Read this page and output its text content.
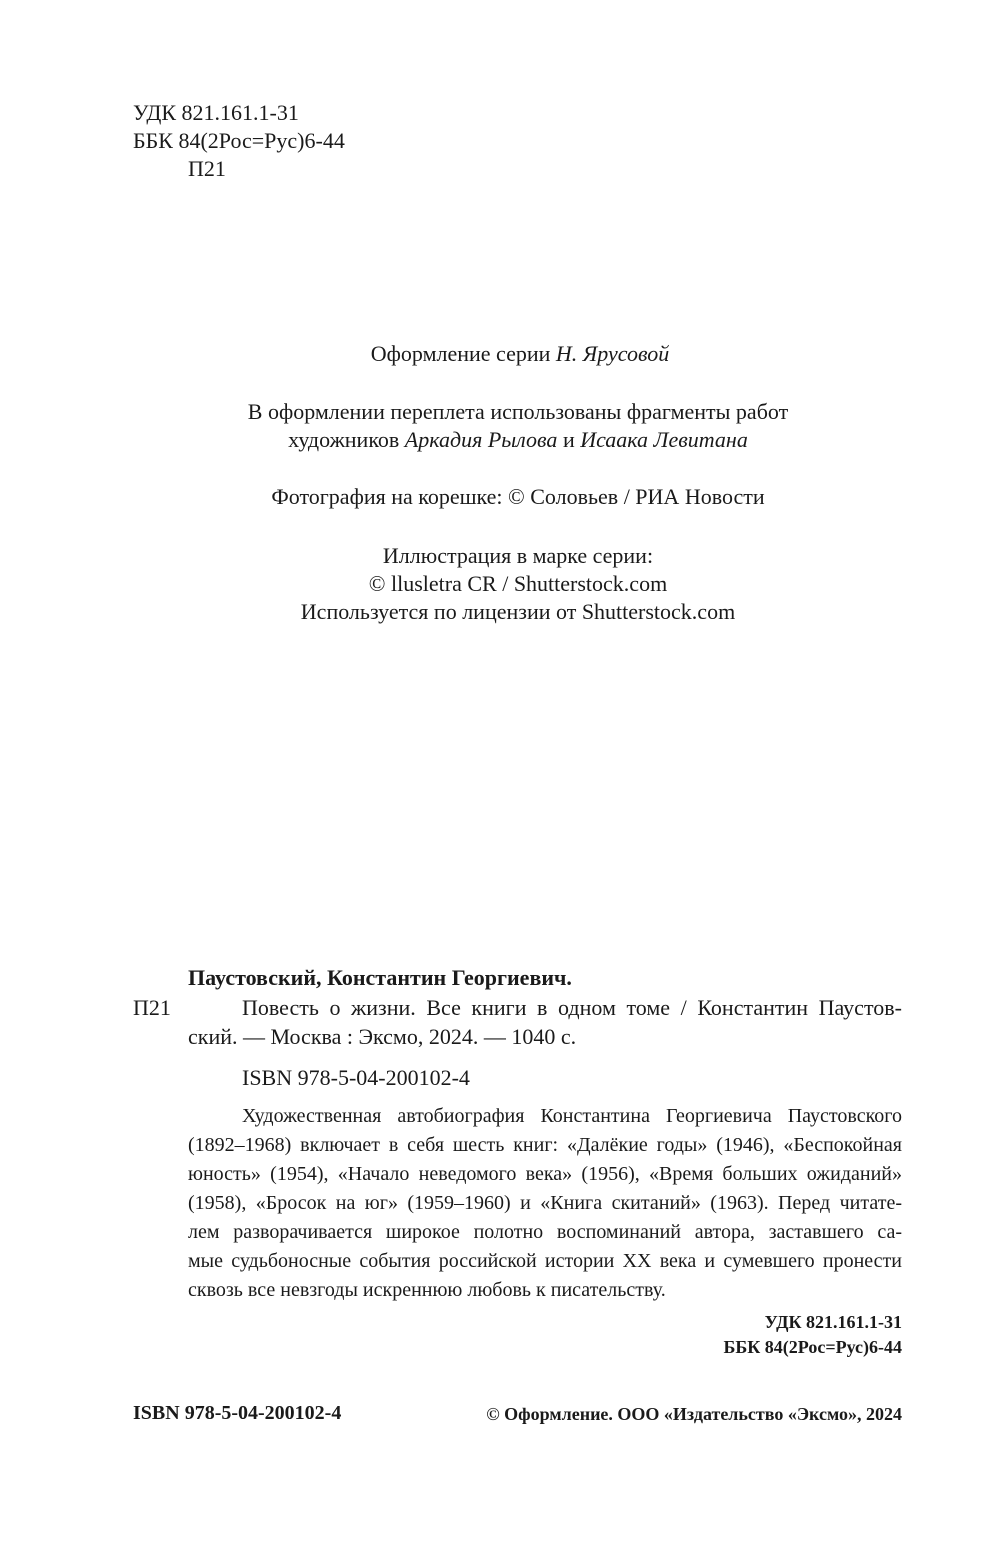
УДК 821.161.1-31
ББК 84(2Рос=Рус)6-44
П21
Оформление серии Н. Ярусовой
В оформлении переплета использованы фрагменты работ
художников Аркадия Рылова и Исаака Левитана
Фотография на корешке: © Соловьев / РИА Новости
Иллюстрация в марке серии:
© llusletra CR / Shutterstock.com
Используется по лицензии от Shutterstock.com
Паустовский, Константин Георгиевич.
П21	Повесть о жизни. Все книги в одном томе / Константин Паустов-
ский. — Москва : Эксмо, 2024. — 1040 с.
ISBN 978-5-04-200102-4
Художественная автобиография Константина Георгиевича Паустовского
(1892–1968) включает в себя шесть книг: «Далёкие годы» (1946), «Беспокойная
юность» (1954), «Начало неведомого века» (1956), «Время больших ожиданий»
(1958), «Бросок на юг» (1959–1960) и «Книга скитаний» (1963). Перед читате-
лем разворачивается широкое полотно воспоминаний автора, заставшего са-
мые судьбоносные события российской истории XX века и сумевшего пронести
сквозь все невзгоды искреннюю любовь к писательству.
УДК 821.161.1-31
ББК 84(2Рос=Рус)6-44
ISBN 978-5-04-200102-4	© Оформление. ООО «Издательство «Эксмо», 2024
